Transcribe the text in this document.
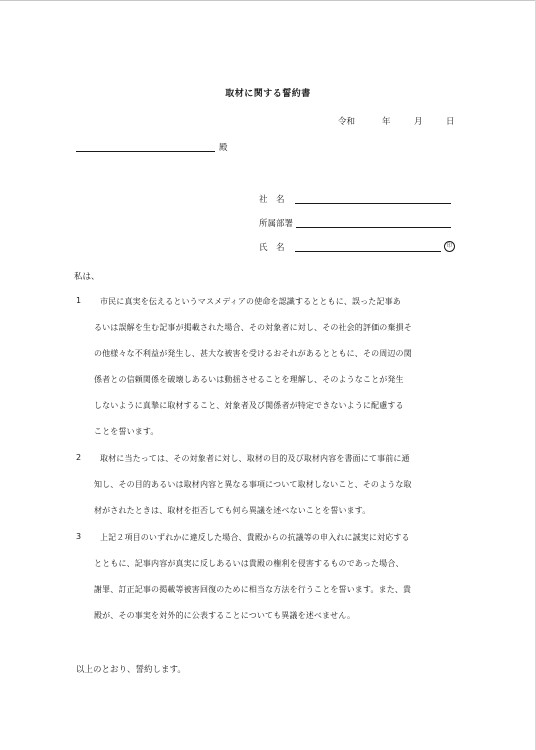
取材に関する誓約書
令和	年	月	日
殿
社　名
所属部署
氏　名	印
私は、
1	市民に真実を伝えるというマスメディアの使命を認識するとともに、誤った記事あ
るいは誤解を生む記事が掲載された場合、その対象者に対し、その社会的評価の棄損そ
の他様々な不利益が発生し、甚大な被害を受けるおそれがあるとともに、その周辺の関
係者との信頼関係を破壊しあるいは動揺させることを理解し、そのようなことが発生
しないように真摯に取材すること、対象者及び関係者が特定できないように配慮する
ことを誓います。
2	取材に当たっては、その対象者に対し、取材の目的及び取材内容を書面にて事前に通
知し、その目的あるいは取材内容と異なる事項について取材しないこと、そのような取
材がされたときは、取材を拒否しても何ら異議を述べないことを誓います。
3	上記２項目のいずれかに違反した場合、貴殿からの抗議等の申入れに誠実に対応する
とともに、記事内容が真実に反しあるいは貴殿の権利を侵害するものであった場合、
謝罪、訂正記事の掲載等被害回復のために相当な方法を行うことを誓います。また、貴
殿が、その事実を対外的に公表することについても異議を述べません。
以上のとおり、誓約します。
